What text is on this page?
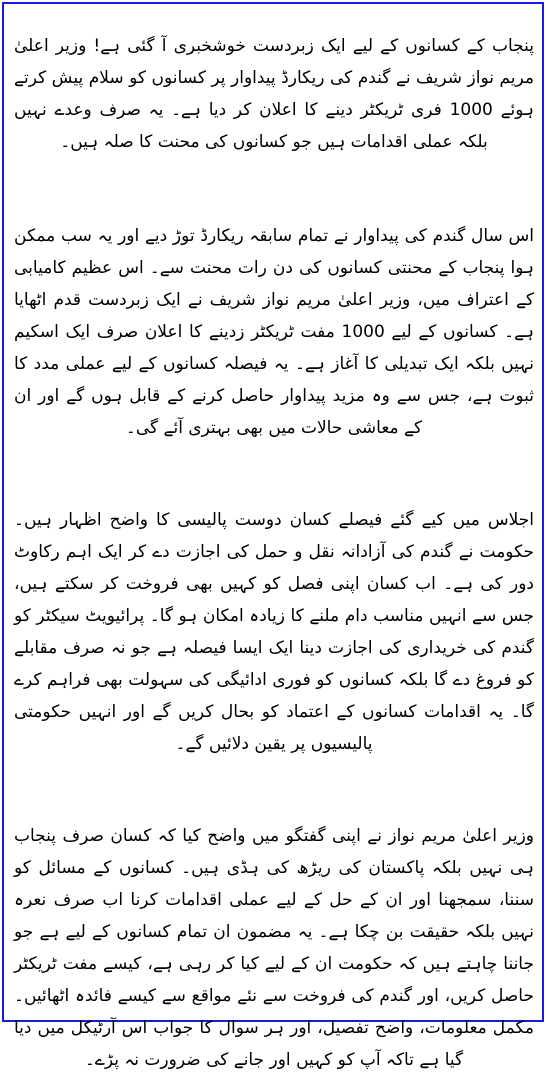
پنجاب کے کسانوں کے لیے ایک زبردست خوشخبری آ گئی ہے! وزیر اعلیٰ مریم نواز شریف نے گندم کی ریکارڈ پیداوار پر کسانوں کو سلام پیش کرتے ہوئے 1000 فری ٹریکٹر دینے کا اعلان کر دیا ہے۔ یہ صرف وعدے نہیں بلکہ عملی اقدامات ہیں جو کسانوں کی محنت کا صلہ ہیں۔

اس سال گندم کی پیداوار نے تمام سابقہ ریکارڈ توڑ دیے اور یہ سب ممکن ہوا پنجاب کے محنتی کسانوں کی دن رات محنت سے۔ اس عظیم کامیابی کے اعتراف میں، وزیر اعلیٰ مریم نواز شریف نے ایک زبردست قدم اٹھایا ہے۔ کسانوں کے لیے 1000 مفت ٹریکٹر زدینے کا اعلان صرف ایک اسکیم نہیں بلکہ ایک تبدیلی کا آغاز ہے۔ یہ فیصلہ کسانوں کے لیے عملی مدد کا ثبوت ہے، جس سے وہ مزید پیداوار حاصل کرنے کے قابل ہوں گے اور ان کے معاشی حالات میں بھی بہتری آئے گی۔

اجلاس میں کیے گئے فیصلے کسان دوست پالیسی کا واضح اظہار ہیں۔ حکومت نے گندم کی آزادانہ نقل و حمل کی اجازت دے کر ایک اہم رکاوٹ دور کی ہے۔ اب کسان اپنی فصل کو کہیں بھی فروخت کر سکتے ہیں، جس سے انہیں مناسب دام ملنے کا زیادہ امکان ہو گا۔ پرائیویٹ سیکٹر کو گندم کی خریداری کی اجازت دینا ایک ایسا فیصلہ ہے جو نہ صرف مقابلے کو فروغ دے گا بلکہ کسانوں کو فوری ادائیگی کی سہولت بھی فراہم کرے گا۔ یہ اقدامات کسانوں کے اعتماد کو بحال کریں گے اور انہیں حکومتی پالیسیوں پر یقین دلائیں گے۔

وزیر اعلیٰ مریم نواز نے اپنی گفتگو میں واضح کیا کہ کسان صرف پنجاب ہی نہیں بلکہ پاکستان کی ریڑھ کی ہڈی ہیں۔ کسانوں کے مسائل کو سننا، سمجھنا اور ان کے حل کے لیے عملی اقدامات کرنا اب صرف نعرہ نہیں بلکہ حقیقت بن چکا ہے۔ یہ مضمون ان تمام کسانوں کے لیے ہے جو جاننا چاہتے ہیں کہ حکومت ان کے لیے کیا کر رہی ہے، کیسے مفت ٹریکٹر حاصل کریں، اور گندم کی فروخت سے نئے مواقع سے کیسے فائدہ اٹھائیں۔ مکمل معلومات، واضح تفصیل، اور ہر سوال کا جواب اس آرٹیکل میں دیا گیا ہے تاکہ آپ کو کہیں اور جانے کی ضرورت نہ پڑے۔
